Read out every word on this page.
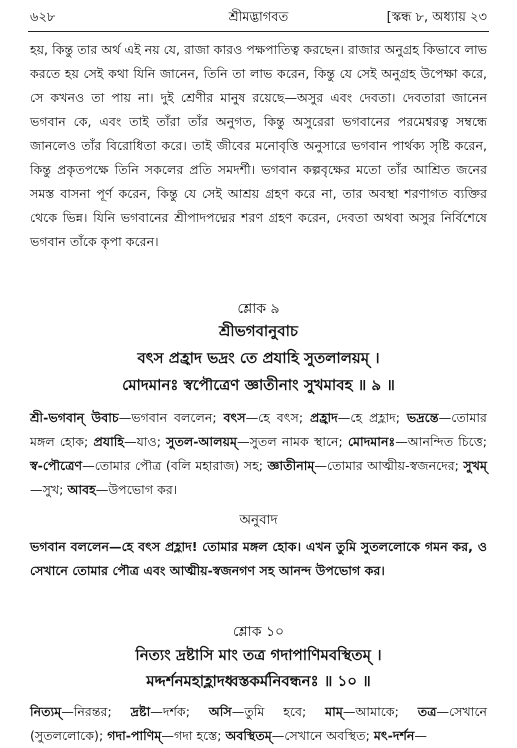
৬২৮	শ্রীমদ্ভাগবত	[স্কন্ধ ৮, অধ্যায় ২৩

হয়, কিন্তু তার অর্থ এই নয় যে, রাজা কারও পক্ষপাতিত্ব করছেন। রাজার অনুগ্রহ কিভাবে লাভ করতে হয় সেই কথা যিনি জানেন, তিনি তা লাভ করেন, কিন্তু যে সেই অনুগ্রহ উপেক্ষা করে, সে কখনও তা পায় না। দুই শ্রেণীর মানুষ রয়েছে—অসুর এবং দেবতা। দেবতারা জানেন ভগবান কে, এবং তাই তাঁরা তাঁর অনুগত, কিন্তু অসুরেরা ভগবানের পরমেশ্বরত্ব সম্বন্ধে জানলেও তাঁর বিরোধিতা করে। তাই জীবের মনোবৃত্তি অনুসারে ভগবান পার্থক্য সৃষ্টি করেন, কিন্তু প্রকৃতপক্ষে তিনি সকলের প্রতি সমদর্শী। ভগবান কল্পবৃক্ষের মতো তাঁর আশ্রিত জনের সমস্ত বাসনা পূর্ণ করেন, কিন্তু যে সেই আশ্রয় গ্রহণ করে না, তার অবস্থা শরণাগত ব্যক্তির থেকে ভিন্ন। যিনি ভগবানের শ্রীপাদপদ্মের শরণ গ্রহণ করেন, দেবতা অথবা অসুর নির্বিশেষে ভগবান তাঁকে কৃপা করেন।

শ্লোক ৯

শ্রীভগবানুবাচ

বৎস প্রহ্রাদ ভদ্রং তে প্রযাহি সুতলালয়ম্ ।

মোদমানঃ স্বপৌত্রেণ জ্ঞাতীনাং সুখমাবহ ॥ ৯ ॥

শ্রী-ভগবান্ উবাচ—ভগবান বললেন; বৎস—হে বৎস; প্রহ্রাদ—হে প্রহ্লাদ; ভদ্রম্—তোমার মঙ্গল হোক; প্রযাহি—যাও; সুতল-আলয়ম্—সুতল নামক স্থানে; মোদমানঃ—আনন্দিত চিত্তে; স্ব-পৌত্রেণ—তোমার পৌত্র (বলি মহারাজ) সহ; জ্ঞাতীনাম্—তোমার আত্মীয়-স্বজনদের; সুখম্—সুখ; আবহ—উপভোগ কর।

অনুবাদ

ভগবান বললেন—হে বৎস প্রহ্লাদ! তোমার মঙ্গল হোক। এখন তুমি সুতললোকে গমন কর, ও সেখানে তোমার পৌত্র এবং আত্মীয়-স্বজনগণ সহ আনন্দ উপভোগ কর।

শ্লোক ১০

নিত্যং দ্রষ্টাসি মাং তত্র গদাপাণিমবস্থিতম্ ।

মদ্দর্শনমহাহ্লাদধ্বস্তকর্মনিবন্ধনঃ ॥ ১০ ॥

নিত্যম্—নিরন্তর; দ্রষ্টা—দর্শক; অসি—তুমি হবে; মাম্—আমাকে; তত্র—সেখানে (সুতললোকে); গদা-পাণিম্—গদা হস্তে; অবস্থিতম্—সেখানে অবস্থিত; মৎ-দর্শন—
